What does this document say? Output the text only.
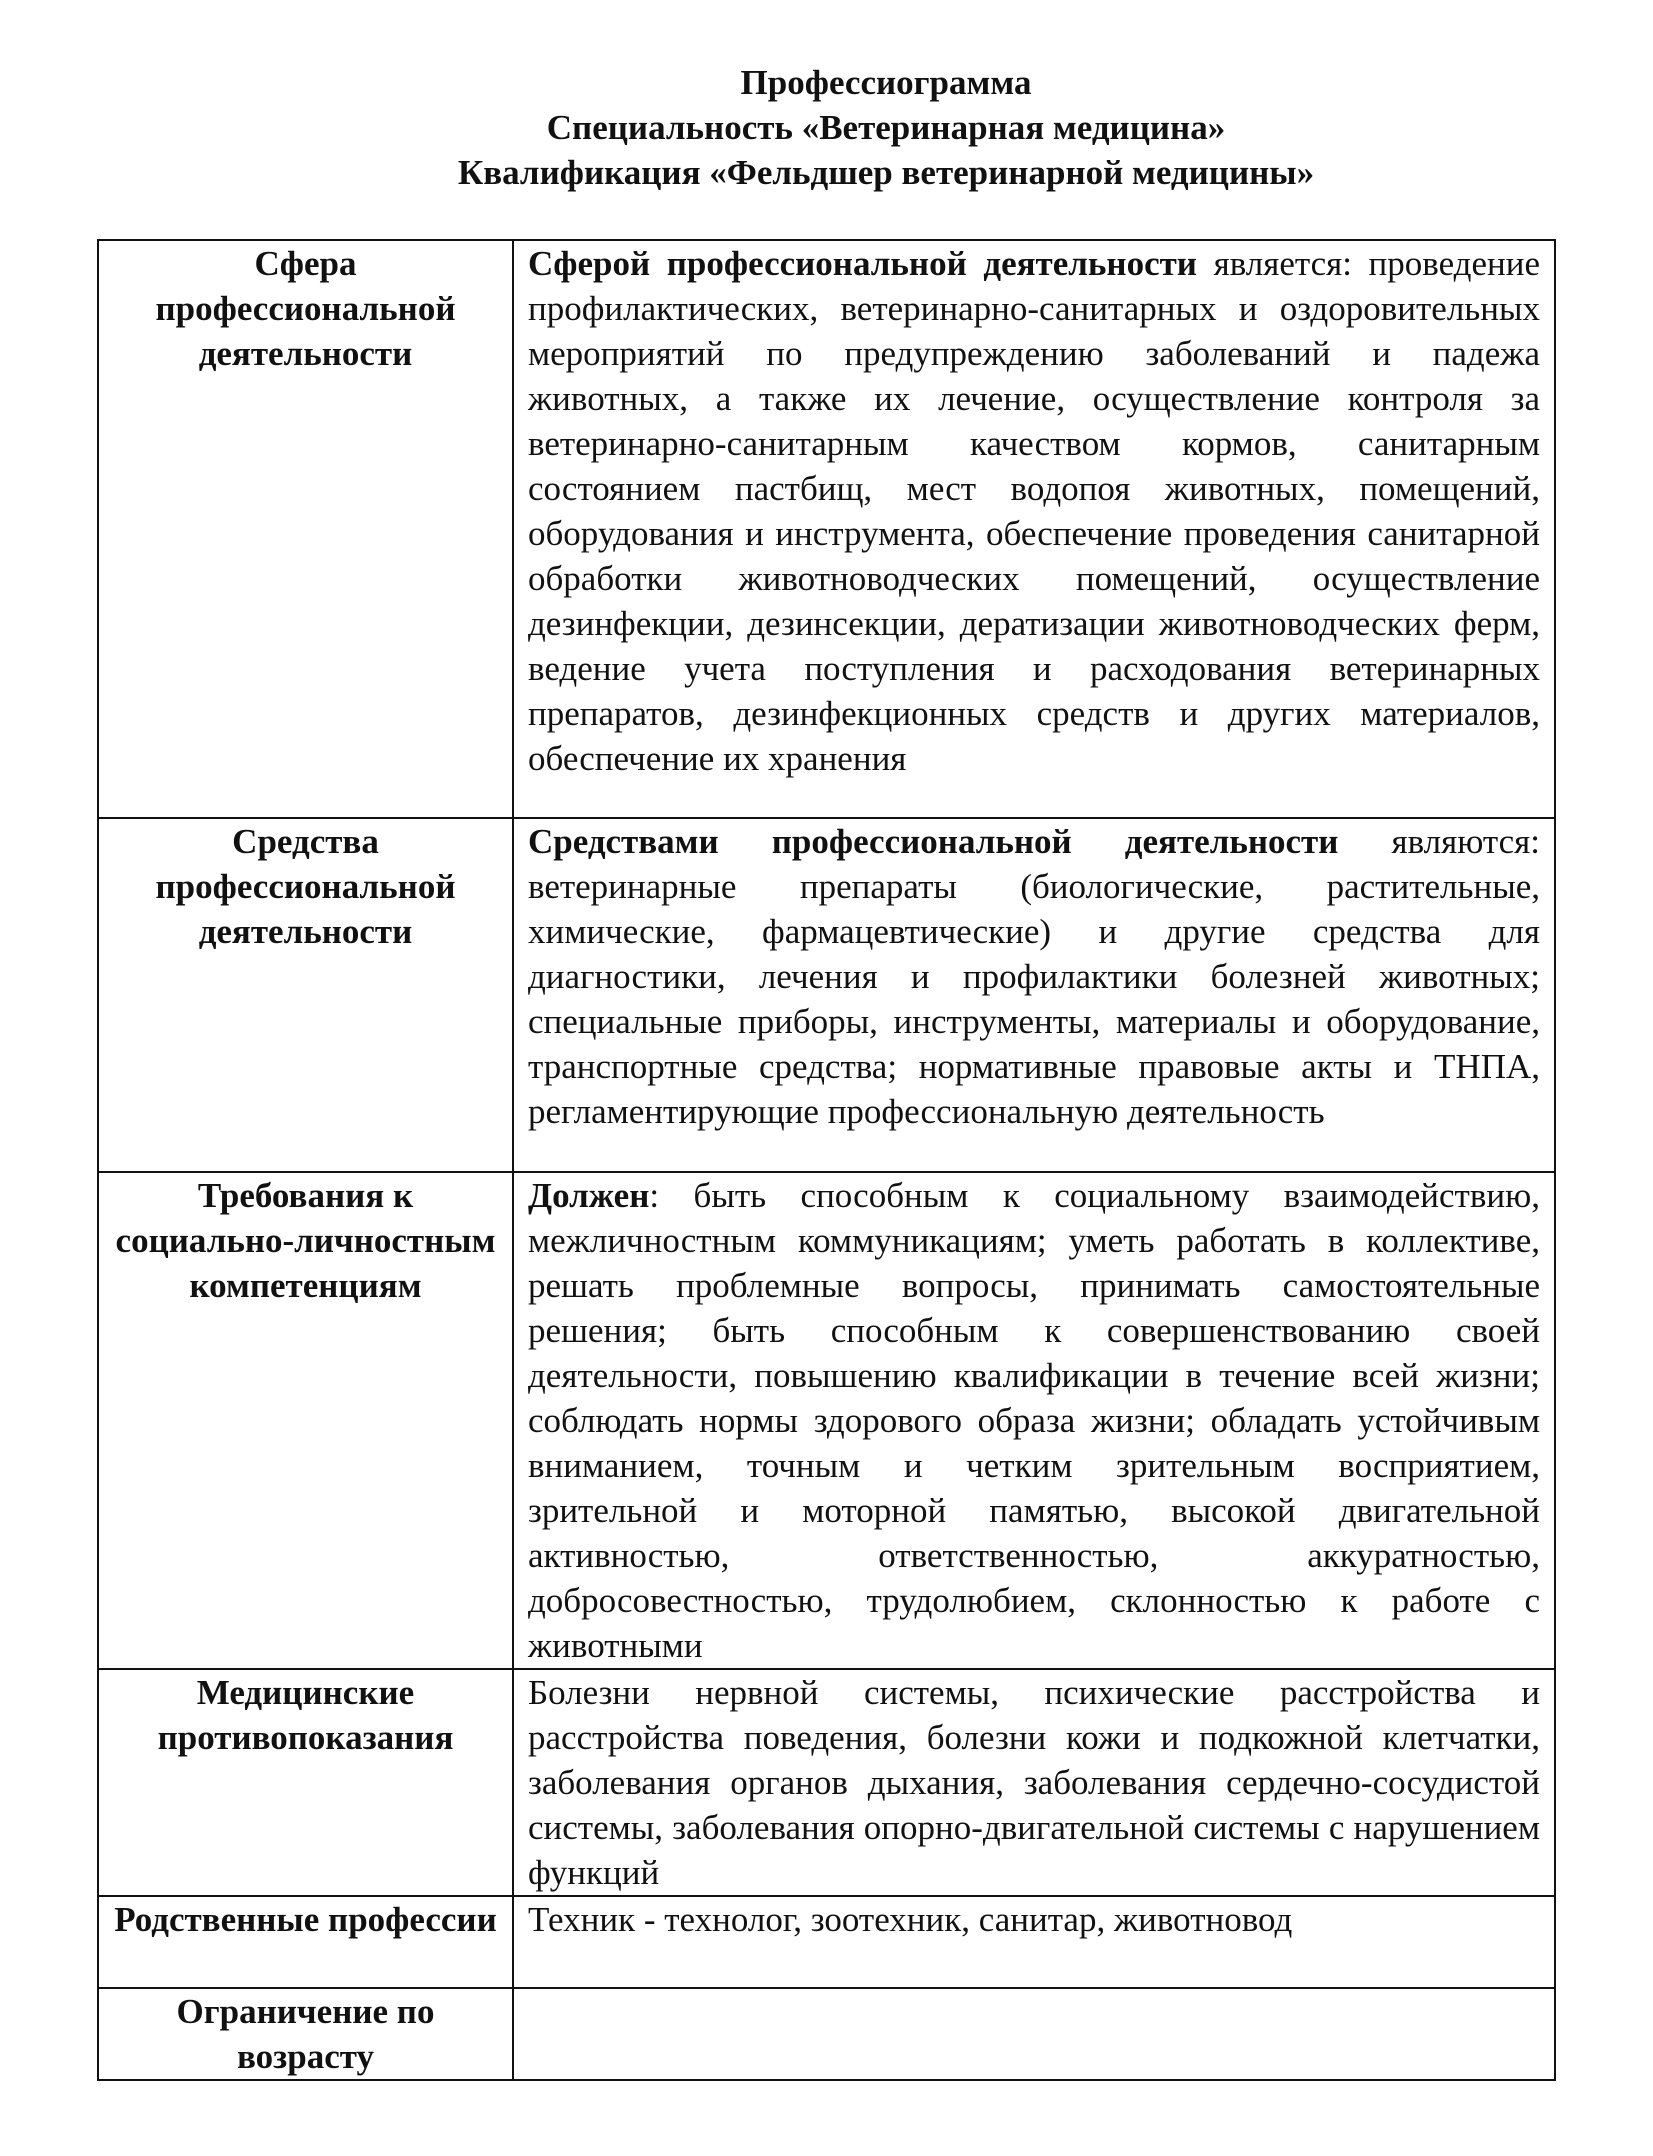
Профессиограмма
Специальность «Ветеринарная медицина»
Квалификация «Фельдшер ветеринарной медицины»
Сфера профессиональной деятельности	Сферой профессиональной деятельности является: проведение профилактических, ветеринарно-санитарных и оздоровительных мероприятий по предупреждению заболеваний и падежа животных, а также их лечение, осуществление контроля за ветеринарно-санитарным качеством кормов, санитарным состоянием пастбищ, мест водопоя животных, помещений, оборудования и инструмента, обеспечение проведения санитарной обработки животноводческих помещений, осуществление дезинфекции, дезинсекции, дератизации животноводческих ферм, ведение учета поступления и расходования ветеринарных препаратов, дезинфекционных средств и других материалов, обеспечение их хранения
Средства профессиональной деятельности	Средствами профессиональной деятельности являются: ветеринарные препараты (биологические, растительные, химические, фармацевтические) и другие средства для диагностики, лечения и профилактики болезней животных; специальные приборы, инструменты, материалы и оборудование, транспортные средства; нормативные правовые акты и ТНПА, регламентирующие профессиональную деятельность
Требования к социально-личностным компетенциям	Должен: быть способным к социальному взаимодействию, межличностным коммуникациям; уметь работать в коллективе, решать проблемные вопросы, принимать самостоятельные решения; быть способным к совершенствованию своей деятельности, повышению квалификации в течение всей жизни; соблюдать нормы здорового образа жизни; обладать устойчивым вниманием, точным и четким зрительным восприятием, зрительной и моторной памятью, высокой двигательной активностью, ответственностью, аккуратностью, добросовестностью, трудолюбием, склонностью к работе с животными
Медицинские противопоказания	Болезни нервной системы, психические расстройства и расстройства поведения, болезни кожи и подкожной клетчатки, заболевания органов дыхания, заболевания сердечно-сосудистой системы, заболевания опорно-двигательной системы с нарушением функций
Родственные профессии	Техник - технолог, зоотехник, санитар, животновод
Ограничение по возрасту	
